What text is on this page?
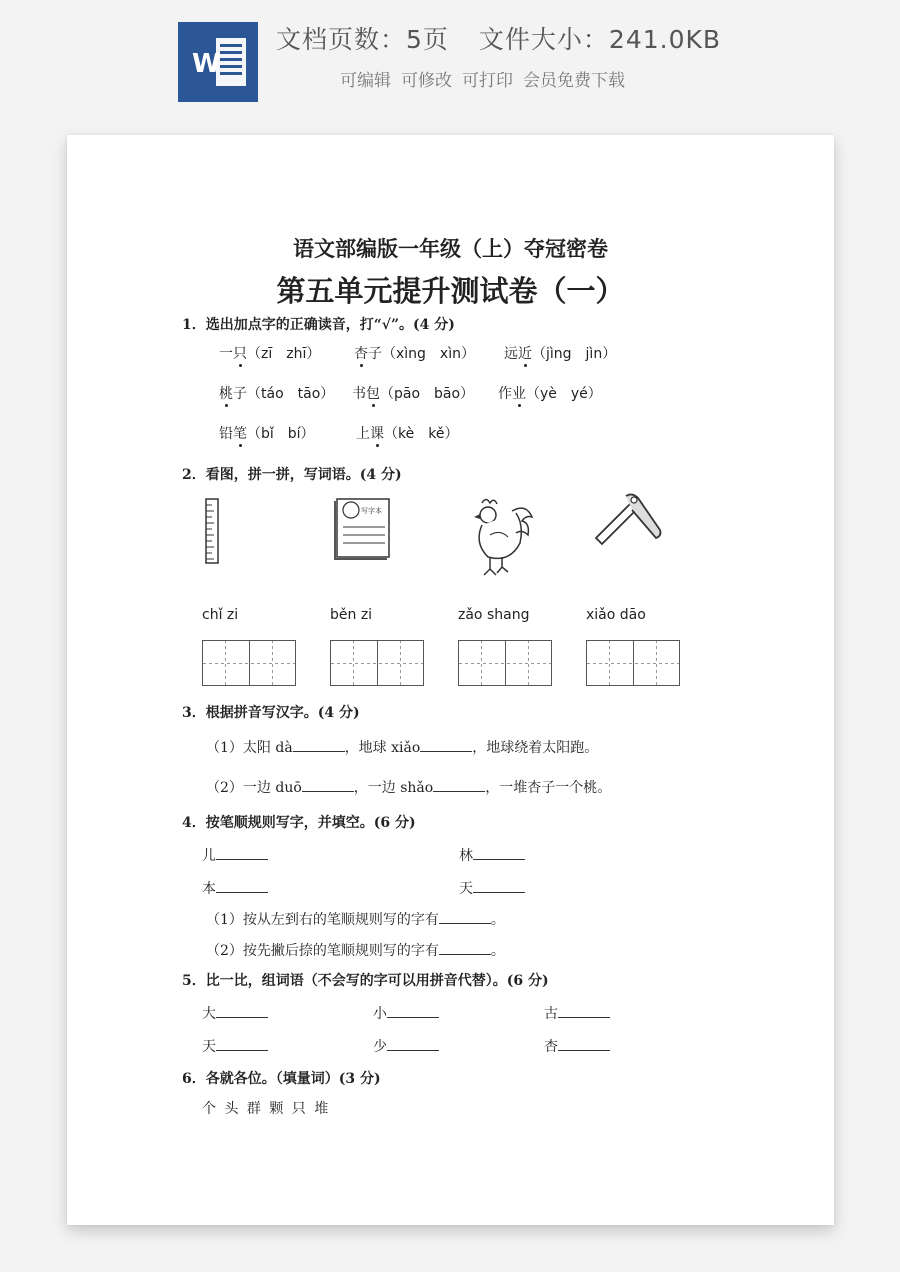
W
文档页数：5页 文件大小：241.0KB
可编辑 可修改 可打印 会员免费下载
语文部编版一年级（上）夺冠密卷
第五单元提升测试卷（一）
1．选出加点字的正确读音，打“√”。(4 分)
一只（zī　zhī） 杏子（xìng　xìn） 远近（jìng　jìn）
桃子（táo　tāo） 书包（pāo　bāo） 作业（yè　yé）
铅笔（bǐ　bí）	上课（kè　kě）
2．看图，拼一拼，写词语。(4 分)
写字本
chǐ zi	běn zi	zǎo shang	xiǎo dāo
3．根据拼音写汉字。(4 分)
（1）太阳 dà	，地球 xiǎo	，地球绕着太阳跑。
（2）一边 duō	，一边 shǎo	，一堆杏子一个桃。
4．按笔顺规则写字，并填空。(6 分)
儿	林
本	天
（1）按从左到右的笔顺规则写的字有	。
（2）按先撇后捺的笔顺规则写的字有	。
5．比一比，组词语（不会写的字可以用拼音代替）。(6 分)
大	小	古
天	少	杏
6．各就各位。（填量词）(3 分)
个 头 群 颗 只 堆
